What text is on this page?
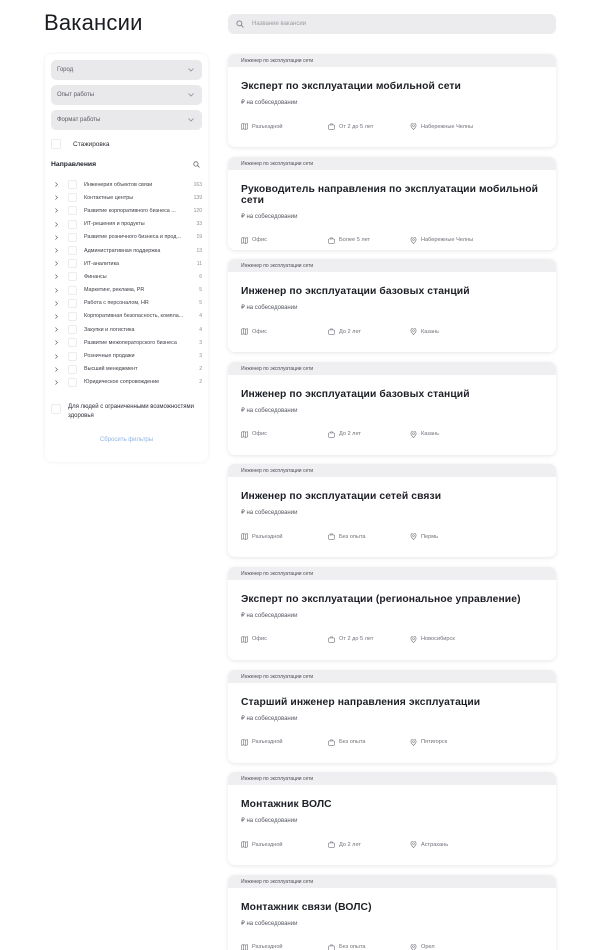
Вакансии	Название вакансии
Город
Опыт работы
Формат работы
Стажировка
Направления
Инженерия объектов связи	163
Контактные центры	139
Развитие корпоративного бизнеса ...	120
ИТ-решения и продукты	33
Развитие розничного бизнеса и прод...	19
Административная поддержка	13
ИТ-аналитика	11
Финансы	6
Маркетинг, реклама, PR	5
Работа с персоналом, HR	5
Корпоративная безопасность, компла...	4
Закупки и логистика	4
Развитие межоператорского бизнеса	3
Розничные продажи	3
Высший менеджмент	2
Юридическое сопровождение	2
Для людей с ограниченными возможностями здоровья
Сбросить фильтры
Инженер по эксплуатации сети
Эксперт по эксплуатации мобильной сети
₽ на собеседовании
Разъездной	От 2 до 5 лет	Набережные Челны
Инженер по эксплуатации сети
Руководитель направления по эксплуатации мобильной сети
₽ на собеседовании
Офис	Более 5 лет	Набережные Челны
Инженер по эксплуатации сети
Инженер по эксплуатации базовых станций
₽ на собеседовании
Офис	До 2 лет	Казань
Инженер по эксплуатации сети
Инженер по эксплуатации базовых станций
₽ на собеседовании
Офис	До 2 лет	Казань
Инженер по эксплуатации сети
Инженер по эксплуатации сетей связи
₽ на собеседовании
Разъездной	Без опыта	Пермь
Инженер по эксплуатации сети
Эксперт по эксплуатации (региональное управление)
₽ на собеседовании
Офис	От 2 до 5 лет	Новосибирск
Инженер по эксплуатации сети
Старший инженер направления эксплуатации
₽ на собеседовании
Разъездной	Без опыта	Пятигорск
Инженер по эксплуатации сети
Монтажник ВОЛС
₽ на собеседовании
Разъездной	До 2 лет	Астрахань
Инженер по эксплуатации сети
Монтажник связи (ВОЛС)
₽ на собеседовании
Разъездной	Без опыта	Орел
